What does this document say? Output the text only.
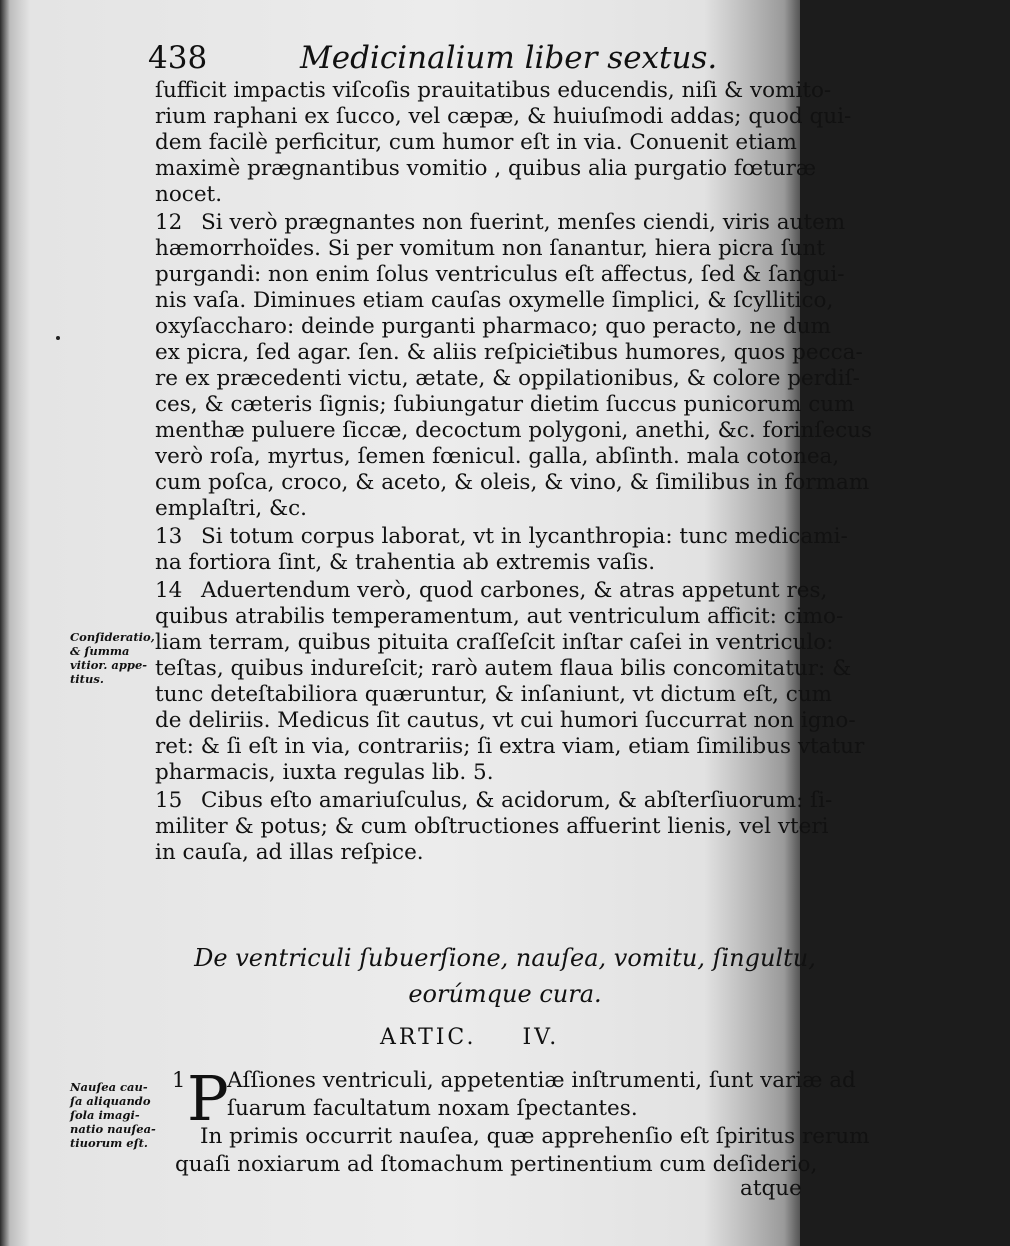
438	Medicinalium liber sextus.
ſufficit impactis viſcoſis prauitatibus educendis, niſi & vomito-
rium raphani ex ſucco, vel cæpæ, & huiuſmodi addas; quod qui-
dem facilè perficitur, cum humor eſt in via. Conuenit etiam
maximè prægnantibus vomitio , quibus alia purgatio fœturæ
nocet.
12 Si verò prægnantes non fuerint, menſes ciendi, viris autem
hæmorrhoïdes. Si per vomitum non ſanantur, hiera picra ſunt
purgandi: non enim ſolus ventriculus eſt affectus, ſed & ſangui-
nis vaſa. Diminues etiam cauſas oxymelle ſimplici, & ſcyllitico,
oxyſaccharo: deinde purganti pharmaco; quo peracto, ne dum
ex picra, ſed agar. ſen. & aliis reſpicie͂tibus humores, quos pecca-
re ex præcedenti victu, ætate, & oppilationibus, & colore perdiſ-
ces, & cæteris ſignis; ſubiungatur dietim ſuccus punicorum cum
menthæ puluere ſiccæ, decoctum polygoni, anethi, &c. forinſecus
verò roſa, myrtus, ſemen fœnicul. galla, abſinth. mala cotonea,
cum poſca, croco, & aceto, & oleis, & vino, & ſimilibus in formam
emplaſtri, &c.
13 Si totum corpus laborat, vt in lycanthropia: tunc medicami-
na fortiora ſint, & trahentia ab extremis vaſis.
14 Aduertendum verò, quod carbones, & atras appetunt res,
quibus atrabilis temperamentum, aut ventriculum afficit: cimo-
liam terram, quibus pituita craſſeſcit inſtar caſei in ventriculo:
teſtas, quibus indureſcit; rarò autem flaua bilis concomitatur: &
tunc deteſtabiliora quæruntur, & inſaniunt, vt dictum eſt, cum
de deliriis. Medicus ſit cautus, vt cui humori ſuccurrat non igno-
ret: & ſi eſt in via, contrariis; ſi extra viam, etiam ſimilibus vtatur
pharmacis, iuxta regulas lib. 5.
15 Cibus eſto amariuſculus, & acidorum, & abſterſiuorum: ſi-
militer & potus; & cum obſtructiones affuerint lienis, vel vteri
in cauſa, ad illas reſpice.
Conſideratio,
& ſumma
vitior. appe-
titus.
De ventriculi ſubuerſione, nauſea, vomitu, ſingultu,
eorúmque cura.
ARTIC. IV.
P
Aſſiones ventriculi, appetentiæ inſtrumenti, ſunt variæ ad
ſuarum facultatum noxam ſpectantes.
In primis occurrit nauſea, quæ apprehenſio eſt ſpiritus rerum
quaſi noxiarum ad ſtomachum pertinentium cum deſiderio,
atque
1
Nauſea cau-
ſa aliquando
ſola imagi-
natio nauſea-
tiuorum eſt.
